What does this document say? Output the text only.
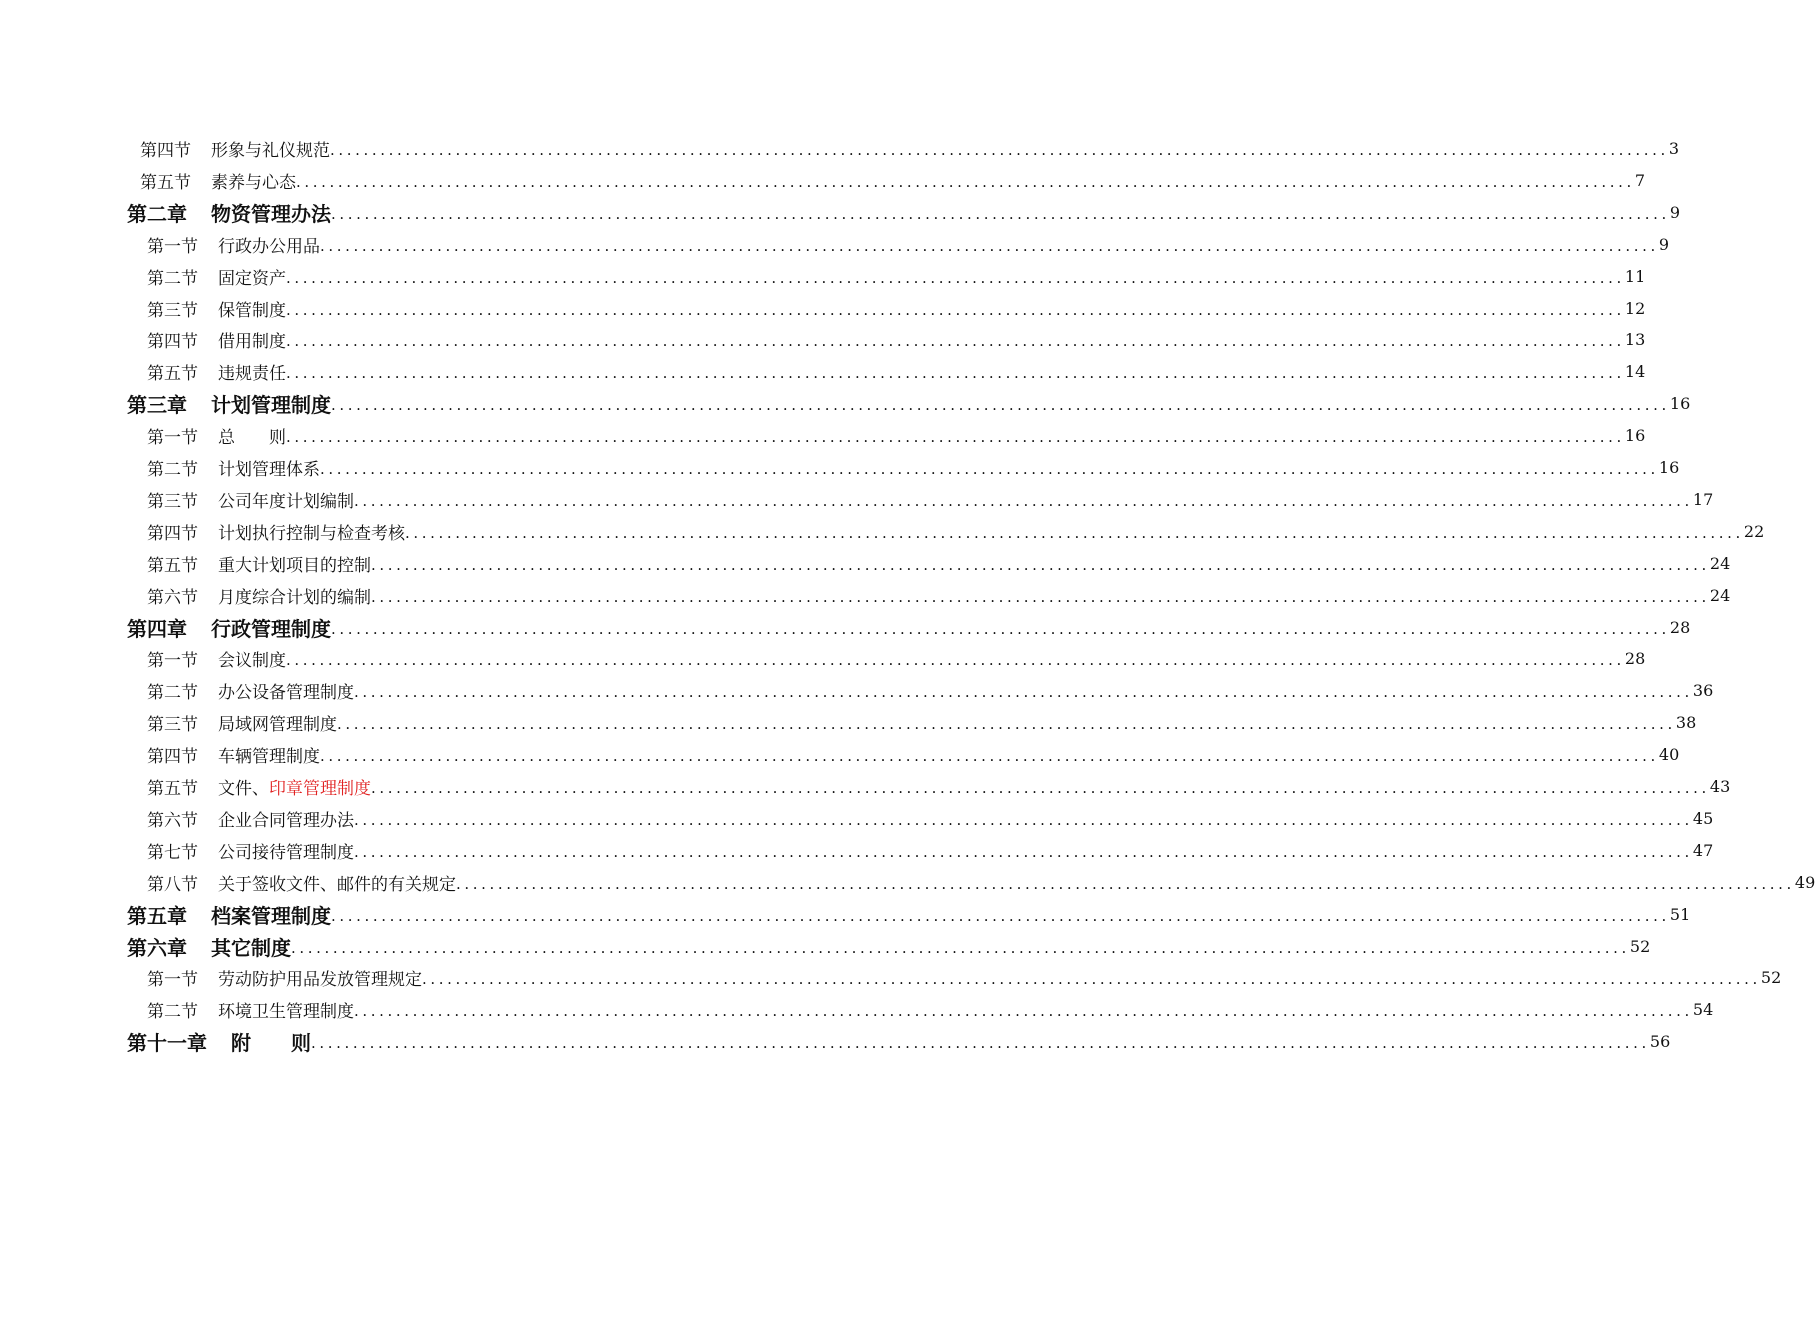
第四节 形象与礼仪规范 ................................................................................................................................................................ 3
第五节 素养与心态 ................................................................................................................................................................ 7
第二章 物资管理办法 ................................................................................................................................................................ 9
第一节 行政办公用品 ................................................................................................................................................................ 9
第二节 固定资产 ................................................................................................................................................................ 11
第三节 保管制度 ................................................................................................................................................................ 12
第四节 借用制度 ................................................................................................................................................................ 13
第五节 违规责任 ................................................................................................................................................................ 14
第三章 计划管理制度 ................................................................................................................................................................ 16
第一节 总　　则 ................................................................................................................................................................ 16
第二节 计划管理体系 ................................................................................................................................................................ 16
第三节 公司年度计划编制 ................................................................................................................................................................ 17
第四节 计划执行控制与检查考核 ................................................................................................................................................................ 22
第五节 重大计划项目的控制 ................................................................................................................................................................ 24
第六节 月度综合计划的编制 ................................................................................................................................................................ 24
第四章 行政管理制度 ................................................................................................................................................................ 28
第一节 会议制度 ................................................................................................................................................................ 28
第二节 办公设备管理制度 ................................................................................................................................................................ 36
第三节 局域网管理制度 ................................................................................................................................................................ 38
第四节 车辆管理制度 ................................................................................................................................................................ 40
第五节 文件、印章管理制度 ................................................................................................................................................................ 43
第六节 企业合同管理办法 ................................................................................................................................................................ 45
第七节 公司接待管理制度 ................................................................................................................................................................ 47
第八节 关于签收文件、邮件的有关规定 ................................................................................................................................................................ 49
第五章 档案管理制度 ................................................................................................................................................................ 51
第六章 其它制度 ................................................................................................................................................................ 52
第一节 劳动防护用品发放管理规定 ................................................................................................................................................................ 52
第二节 环境卫生管理制度 ................................................................................................................................................................ 54
第十一章 附　　则 ................................................................................................................................................................ 56
